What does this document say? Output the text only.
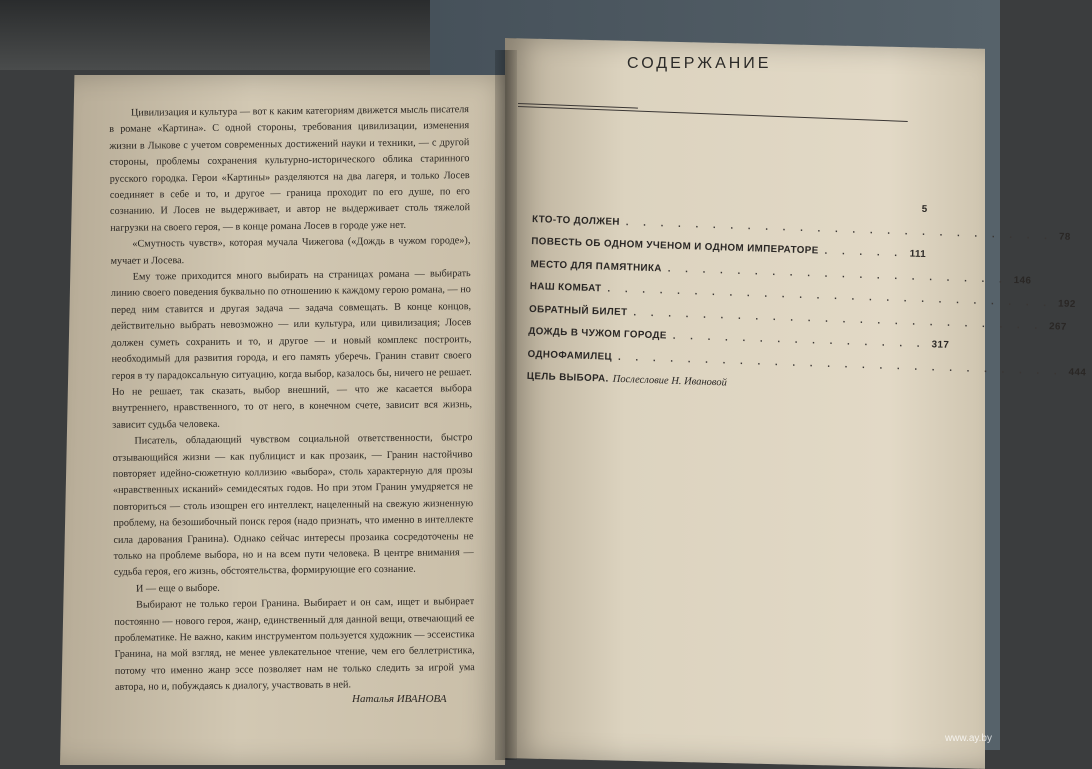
Цивилизация и культура — вот к каким категориям движется мысль писателя в романе «Картина». С одной стороны, требования цивилизации, изменения жизни в Лыкове с учетом современных достижений науки и техники, — с другой стороны, проблемы сохранения культурно-исторического облика старинного русского городка. Герои «Картины» разделяются на два лагеря, и только Лосев соединяет в себе и то, и другое — граница проходит по его душе, по его сознанию. И Лосев не выдерживает, и автор не выдерживает столь тяжелой нагрузки на своего героя, — в конце романа Лосев в городе уже нет.

«Смутность чувств», которая мучала Чижегова («Дождь в чужом городе»), мучает и Лосева.

Ему тоже приходится много выбирать на страницах романа — выбирать линию своего поведения буквально по отношению к каждому герою романа, — но перед ним ставится и другая задача — задача совмещать. В конце концов, действительно выбрать невозможно — или культура, или цивилизация; Лосев должен суметь сохранить и то, и другое — и новый комплекс построить, необходимый для развития города, и его память уберечь. Гранин ставит своего героя в ту парадоксальную ситуацию, когда выбор, казалось бы, ничего не решает. Но не решает, так сказать, выбор внешний, — что же касается выбора внутреннего, нравственного, то от него, в конечном счете, зависит вся жизнь, зависит судьба человека.

Писатель, обладающий чувством социальной ответственности, быстро отзывающийся жизни — как публицист и как прозаик, — Гранин настойчиво повторяет идейно-сюжетную коллизию «выбора», столь характерную для прозы «нравственных исканий» семидесятых годов. Но при этом Гранин умудряется не повториться — столь изощрен его интеллект, нацеленный на свежую жизненную проблему, на безошибочный поиск героя (надо признать, что именно в интеллекте сила дарования Гранина). Однако сейчас интересы прозаика сосредоточены не только на проблеме выбора, но и на всем пути человека. В центре внимания — судьба героя, его жизнь, обстоятельства, формирующие его сознание.

И — еще о выборе.

Выбирают не только герои Гранина. Выбирает и он сам, ищет и выбирает постоянно — нового героя, жанр, единственный для данной вещи, отвечающий ее проблематике. Не важно, каким инструментом пользуется художник — эссеистика Гранина, на мой взгляд, не менее увлекательное чтение, чем его беллетристика, потому что именно жанр эссе позволяет нам не только следить за игрой ума автора, но и, побуждаясь к диалогу, участвовать в ней.

Наталья ИВАНОВА
СОДЕРЖАНИЕ
5
КТО-ТО ДОЛЖЕН . . . . . . . . . . . . . . . . . . . . . . . . . 78
ПОВЕСТЬ ОБ ОДНОМ УЧЕНОМ И ОДНОМ ИМПЕРАТОРЕ . . . . . 111
МЕСТО ДЛЯ ПАМЯТНИКА . . . . . . . . . . . . . . . . . . . . 146
НАШ КОМБАТ . . . . . . . . . . . . . . . . . . . . . . . . . . 192
ОБРАТНЫЙ БИЛЕТ . . . . . . . . . . . . . . . . . . . . . . . . 267
ДОЖДЬ В ЧУЖОМ ГОРОДЕ . . . . . . . . . . . . . . . 317
ОДНОФАМИЛЕЦ . . . . . . . . . . . . . . . . . . . . . . . . . . 444
ЦЕЛЬ ВЫБОРА. Послесловие Н. Ивановой
www.ay.by
